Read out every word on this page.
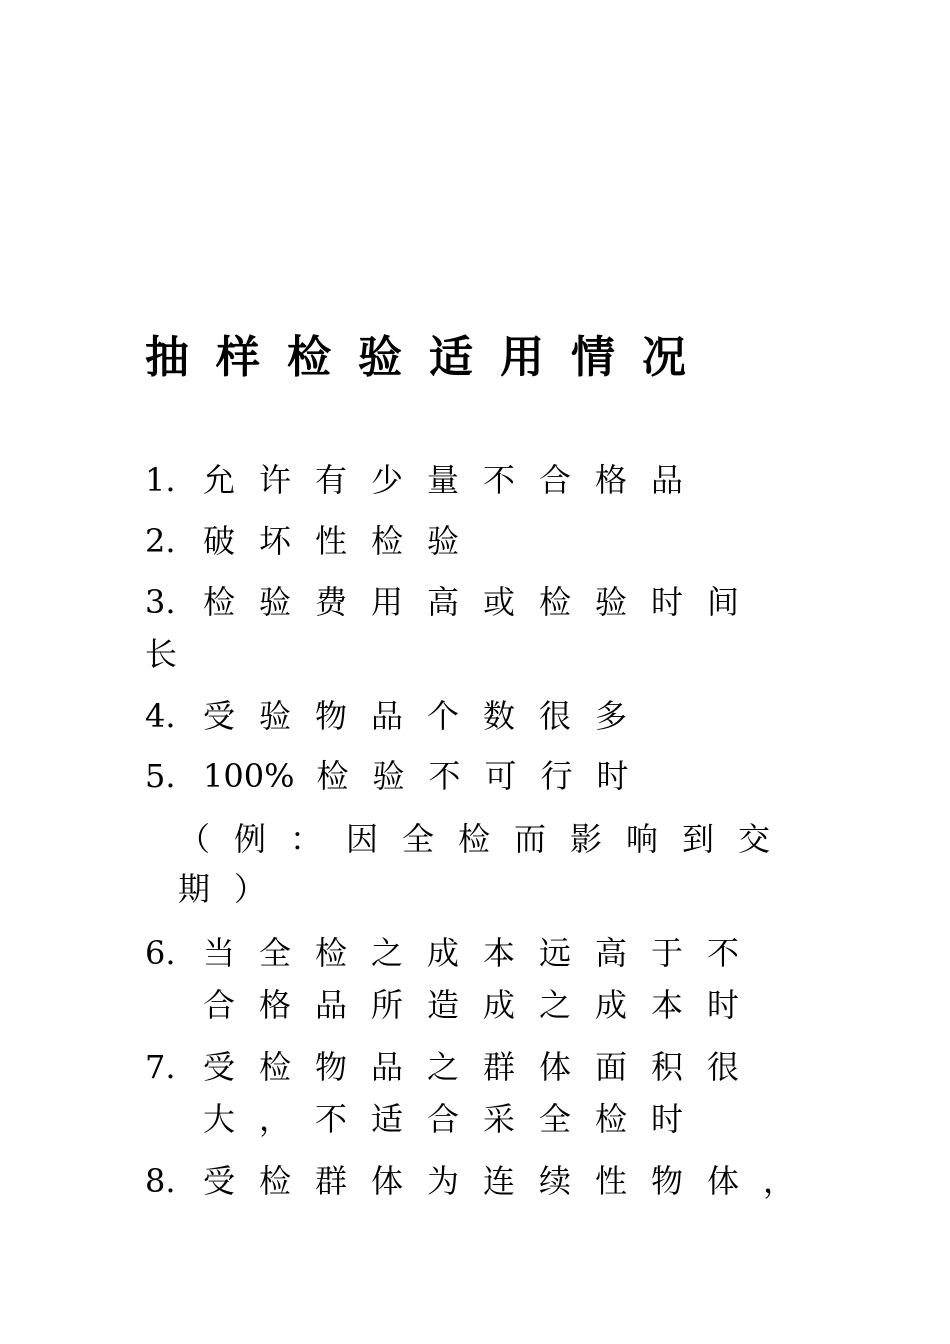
抽样检验适用情况

1. 允许有少量不合格品

2. 破坏性检验

3. 检验费用高或检验时间

长

4. 受验物品个数很多

5. 100% 检验不可行时

（例：因全检而影响到交

期）

6. 当全检之成本远高于不

合格品所造成之成本时

7. 受检物品之群体面积很

大，不适合采全检时

8. 受检群体为连续性物体，
